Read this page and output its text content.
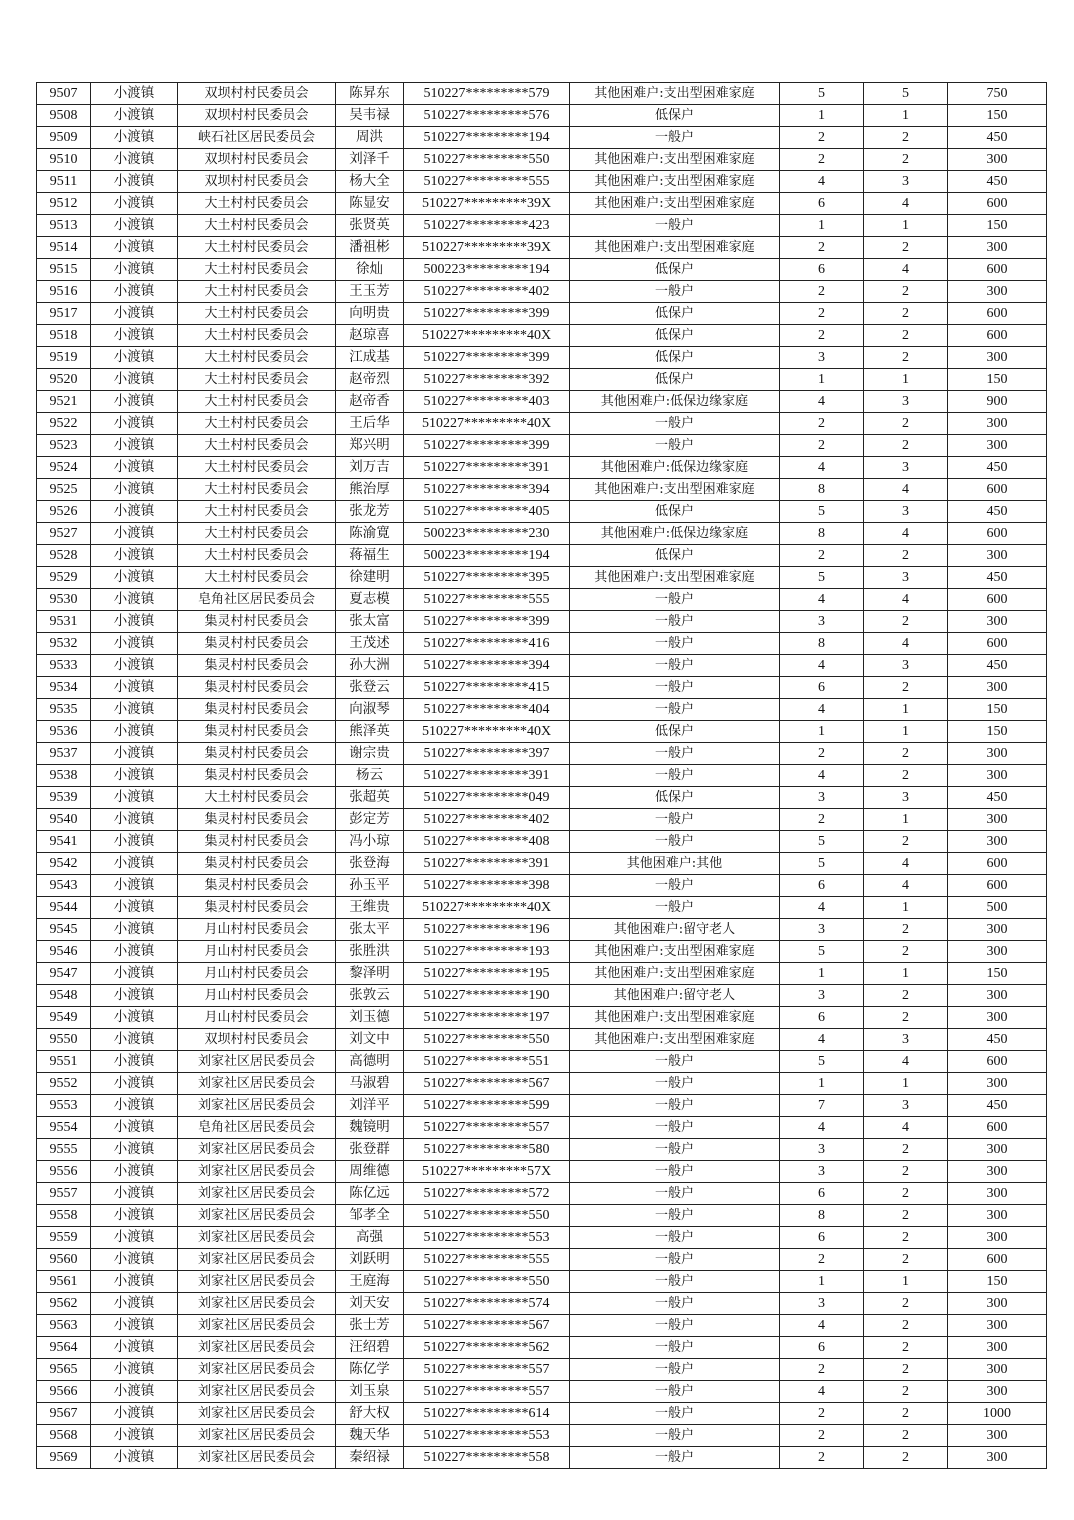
9507	小渡镇	双坝村村民委员会	陈昇东	510227*********579	其他困难户:支出型困难家庭	5	5	750
9508	小渡镇	双坝村村民委员会	吴韦禄	510227*********576	低保户	1	1	150
9509	小渡镇	峡石社区居民委员会	周洪	510227*********194	一般户	2	2	450
9510	小渡镇	双坝村村民委员会	刘泽千	510227*********550	其他困难户:支出型困难家庭	2	2	300
9511	小渡镇	双坝村村民委员会	杨大全	510227*********555	其他困难户:支出型困难家庭	4	3	450
9512	小渡镇	大土村村民委员会	陈显安	510227*********39X	其他困难户:支出型困难家庭	6	4	600
9513	小渡镇	大土村村民委员会	张贤英	510227*********423	一般户	1	1	150
9514	小渡镇	大土村村民委员会	潘祖彬	510227*********39X	其他困难户:支出型困难家庭	2	2	300
9515	小渡镇	大土村村民委员会	徐灿	500223*********194	低保户	6	4	600
9516	小渡镇	大土村村民委员会	王玉芳	510227*********402	一般户	2	2	300
9517	小渡镇	大土村村民委员会	向明贵	510227*********399	低保户	2	2	600
9518	小渡镇	大土村村民委员会	赵琼喜	510227*********40X	低保户	2	2	600
9519	小渡镇	大土村村民委员会	江成基	510227*********399	低保户	3	2	300
9520	小渡镇	大土村村民委员会	赵帝烈	510227*********392	低保户	1	1	150
9521	小渡镇	大土村村民委员会	赵帝香	510227*********403	其他困难户:低保边缘家庭	4	3	900
9522	小渡镇	大土村村民委员会	王后华	510227*********40X	一般户	2	2	300
9523	小渡镇	大土村村民委员会	郑兴明	510227*********399	一般户	2	2	300
9524	小渡镇	大土村村民委员会	刘万吉	510227*********391	其他困难户:低保边缘家庭	4	3	450
9525	小渡镇	大土村村民委员会	熊治厚	510227*********394	其他困难户:支出型困难家庭	8	4	600
9526	小渡镇	大土村村民委员会	张龙芳	510227*********405	低保户	5	3	450
9527	小渡镇	大土村村民委员会	陈渝寛	500223*********230	其他困难户:低保边缘家庭	8	4	600
9528	小渡镇	大土村村民委员会	蒋福生	500223*********194	低保户	2	2	300
9529	小渡镇	大土村村民委员会	徐建明	510227*********395	其他困难户:支出型困难家庭	5	3	450
9530	小渡镇	皂角社区居民委员会	夏志模	510227*********555	一般户	4	4	600
9531	小渡镇	集灵村村民委员会	张太富	510227*********399	一般户	3	2	300
9532	小渡镇	集灵村村民委员会	王茂述	510227*********416	一般户	8	4	600
9533	小渡镇	集灵村村民委员会	孙大洲	510227*********394	一般户	4	3	450
9534	小渡镇	集灵村村民委员会	张登云	510227*********415	一般户	6	2	300
9535	小渡镇	集灵村村民委员会	向淑琴	510227*********404	一般户	4	1	150
9536	小渡镇	集灵村村民委员会	熊泽英	510227*********40X	低保户	1	1	150
9537	小渡镇	集灵村村民委员会	谢宗贵	510227*********397	一般户	2	2	300
9538	小渡镇	集灵村村民委员会	杨云	510227*********391	一般户	4	2	300
9539	小渡镇	大土村村民委员会	张超英	510227*********049	低保户	3	3	450
9540	小渡镇	集灵村村民委员会	彭定芳	510227*********402	一般户	2	1	300
9541	小渡镇	集灵村村民委员会	冯小琼	510227*********408	一般户	5	2	300
9542	小渡镇	集灵村村民委员会	张登海	510227*********391	其他困难户:其他	5	4	600
9543	小渡镇	集灵村村民委员会	孙玉平	510227*********398	一般户	6	4	600
9544	小渡镇	集灵村村民委员会	王维贵	510227*********40X	一般户	4	1	500
9545	小渡镇	月山村村民委员会	张太平	510227*********196	其他困难户:留守老人	3	2	300
9546	小渡镇	月山村村民委员会	张胜洪	510227*********193	其他困难户:支出型困难家庭	5	2	300
9547	小渡镇	月山村村民委员会	黎泽明	510227*********195	其他困难户:支出型困难家庭	1	1	150
9548	小渡镇	月山村村民委员会	张敦云	510227*********190	其他困难户:留守老人	3	2	300
9549	小渡镇	月山村村民委员会	刘玉德	510227*********197	其他困难户:支出型困难家庭	6	2	300
9550	小渡镇	双坝村村民委员会	刘文中	510227*********550	其他困难户:支出型困难家庭	4	3	450
9551	小渡镇	刘家社区居民委员会	高德明	510227*********551	一般户	5	4	600
9552	小渡镇	刘家社区居民委员会	马淑碧	510227*********567	一般户	1	1	300
9553	小渡镇	刘家社区居民委员会	刘洋平	510227*********599	一般户	7	3	450
9554	小渡镇	皂角社区居民委员会	魏镜明	510227*********557	一般户	4	4	600
9555	小渡镇	刘家社区居民委员会	张登群	510227*********580	一般户	3	2	300
9556	小渡镇	刘家社区居民委员会	周维德	510227*********57X	一般户	3	2	300
9557	小渡镇	刘家社区居民委员会	陈亿远	510227*********572	一般户	6	2	300
9558	小渡镇	刘家社区居民委员会	邹孝全	510227*********550	一般户	8	2	300
9559	小渡镇	刘家社区居民委员会	高强	510227*********553	一般户	6	2	300
9560	小渡镇	刘家社区居民委员会	刘跃明	510227*********555	一般户	2	2	600
9561	小渡镇	刘家社区居民委员会	王庭海	510227*********550	一般户	1	1	150
9562	小渡镇	刘家社区居民委员会	刘天安	510227*********574	一般户	3	2	300
9563	小渡镇	刘家社区居民委员会	张士芳	510227*********567	一般户	4	2	300
9564	小渡镇	刘家社区居民委员会	汪绍碧	510227*********562	一般户	6	2	300
9565	小渡镇	刘家社区居民委员会	陈亿学	510227*********557	一般户	2	2	300
9566	小渡镇	刘家社区居民委员会	刘玉泉	510227*********557	一般户	4	2	300
9567	小渡镇	刘家社区居民委员会	舒大权	510227*********614	一般户	2	2	1000
9568	小渡镇	刘家社区居民委员会	魏天华	510227*********553	一般户	2	2	300
9569	小渡镇	刘家社区居民委员会	秦绍禄	510227*********558	一般户	2	2	300
